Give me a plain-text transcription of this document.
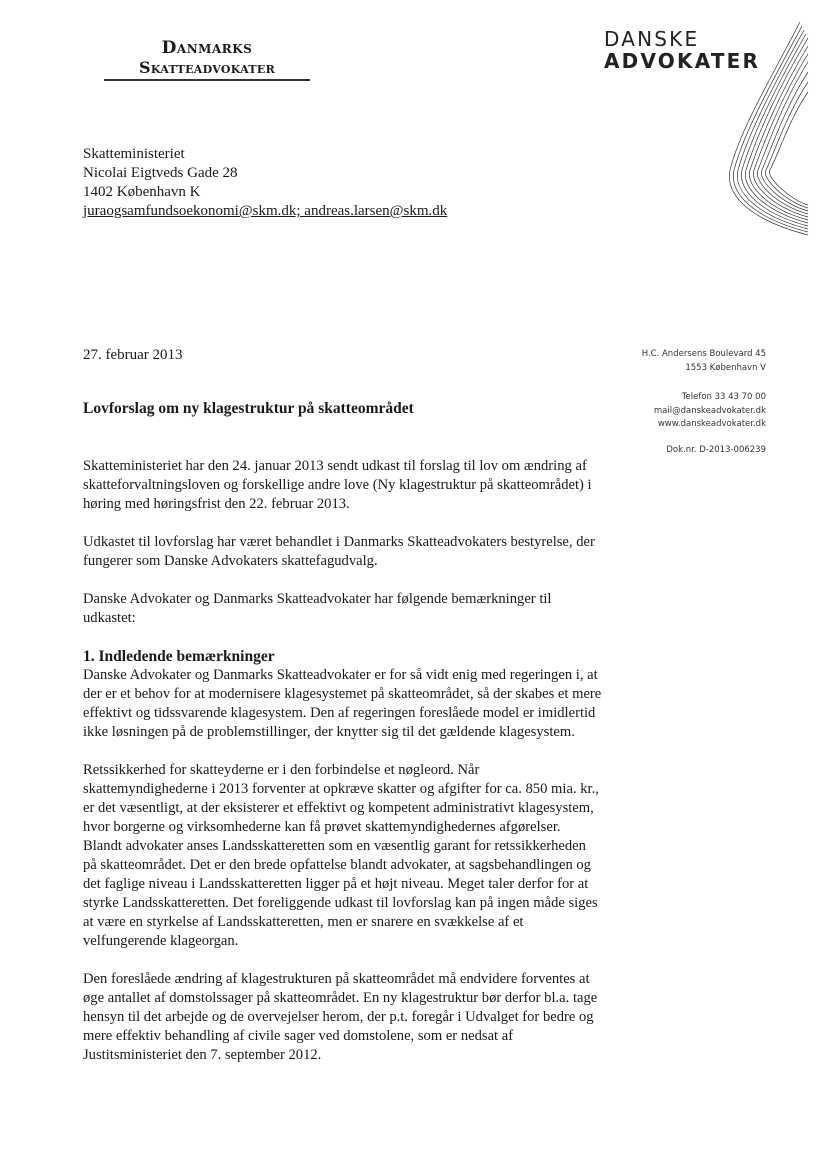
Danmarks
Skatteadvokater
DANSKE
ADVOKATER
Skatteministeriet
Nicolai Eigtveds Gade 28
1402 København K
juraogsamfundsoekonomi@skm.dk; andreas.larsen@skm.dk
27. februar 2013
Lovforslag om ny klagestruktur på skatteområdet
H.C. Andersens Boulevard 45
1553 København V
Telefon 33 43 70 00
mail@danskeadvokater.dk
www.danskeadvokater.dk
Dok.nr. D-2013-006239

Skatteministeriet har den 24. januar 2013 sendt udkast til forslag til lov om ændring af skatteforvaltningsloven og forskellige andre love (Ny klagestruktur på skatteområdet) i høring med høringsfrist den 22. februar 2013.

Udkastet til lovforslag har været behandlet i Danmarks Skatteadvokaters bestyrelse, der fungerer som Danske Advokaters skattefagudvalg.

Danske Advokater og Danmarks Skatteadvokater har følgende bemærkninger til udkastet:

1. Indledende bemærkninger

Danske Advokater og Danmarks Skatteadvokater er for så vidt enig med regeringen i, at der er et behov for at modernisere klagesystemet på skatteområdet, så der skabes et mere effektivt og tidssvarende klagesystem. Den af regeringen foreslåede model er imidlertid ikke løsningen på de problemstillinger, der knytter sig til det gældende klagesystem.

Retssikkerhed for skatteyderne er i den forbindelse et nøgleord. Når skattemyndighederne i 2013 forventer at opkræve skatter og afgifter for ca. 850 mia. kr., er det væsentligt, at der eksisterer et effektivt og kompetent administrativt klagesystem, hvor borgerne og virksomhederne kan få prøvet skattemyndighedernes afgørelser. Blandt advokater anses Landsskatteretten som en væsentlig garant for retssikkerheden på skatteområdet. Det er den brede opfattelse blandt advokater, at sagsbehandlingen og det faglige niveau i Landsskatteretten ligger på et højt niveau. Meget taler derfor for at styrke Landsskatteretten. Det foreliggende udkast til lovforslag kan på ingen måde siges at være en styrkelse af Landsskatteretten, men er snarere en svækkelse af et velfungerende klageorgan.

Den foreslåede ændring af klagestrukturen på skatteområdet må endvidere forventes at øge antallet af domstolssager på skatteområdet. En ny klagestruktur bør derfor bl.a. tage hensyn til det arbejde og de overvejelser herom, der p.t. foregår i Udvalget for bedre og mere effektiv behandling af civile sager ved domstolene, som er nedsat af Justitsministeriet den 7. september 2012.
